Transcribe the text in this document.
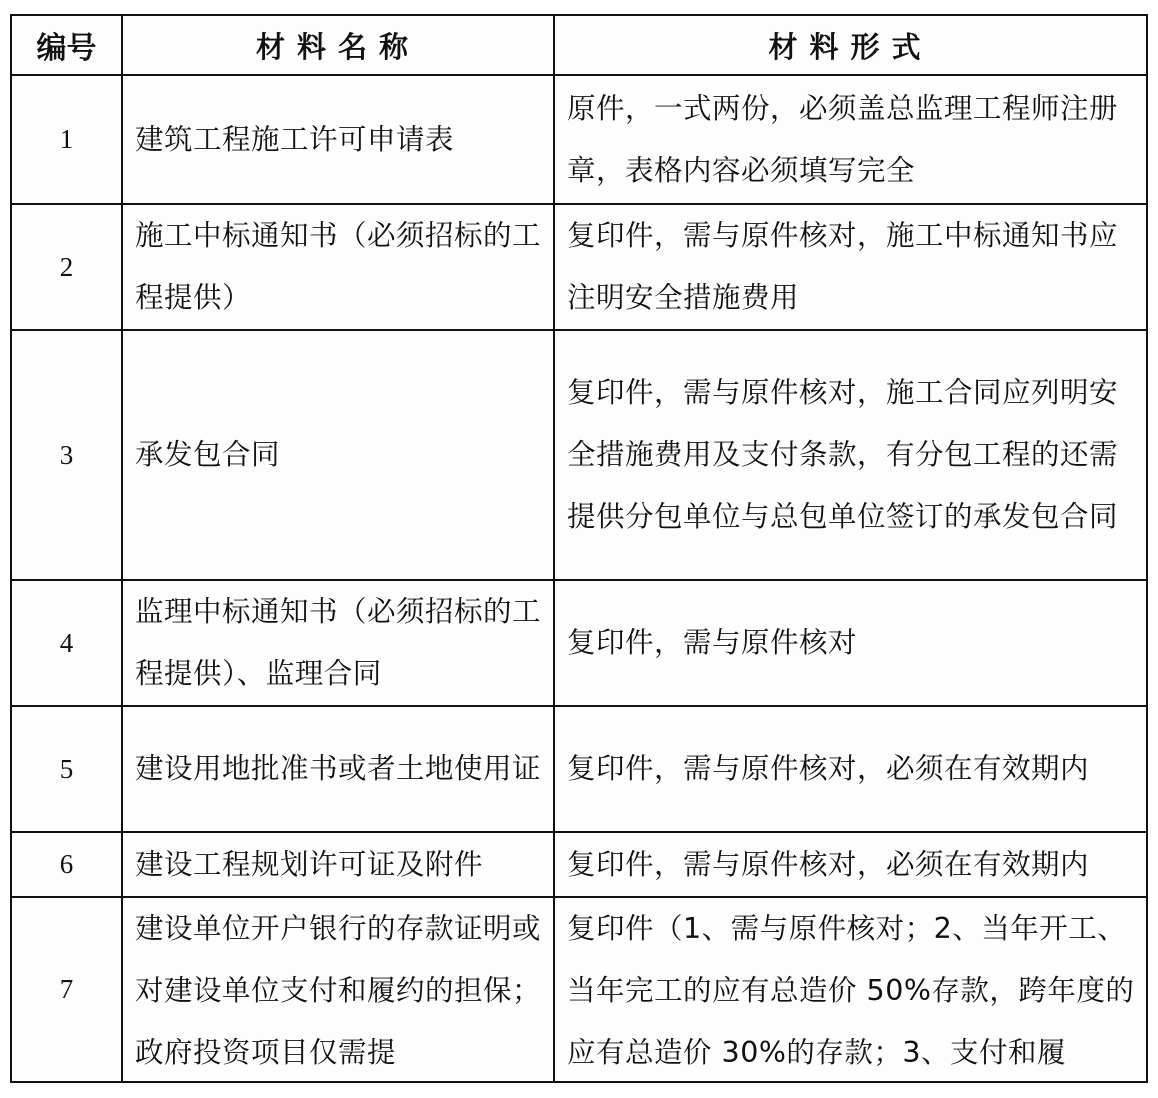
编号	材料名称	材料形式
1	建筑工程施工许可申请表	原件，一式两份，必须盖总监理工程师注册章，表格内容必须填写完全
2	施工中标通知书（必须招标的工程提供）	复印件，需与原件核对，施工中标通知书应注明安全措施费用
3	承发包合同	复印件，需与原件核对，施工合同应列明安全措施费用及支付条款，有分包工程的还需提供分包单位与总包单位签订的承发包合同
4	监理中标通知书（必须招标的工程提供）、监理合同	复印件，需与原件核对
5	建设用地批准书或者土地使用证	复印件，需与原件核对，必须在有效期内
6	建设工程规划许可证及附件	复印件，需与原件核对，必须在有效期内
7	建设单位开户银行的存款证明或对建设单位支付和履约的担保；政府投资项目仅需提	复印件（1、需与原件核对；2、当年开工、当年完工的应有总造价 50%存款，跨年度的应有总造价 30%的存款；3、支付和履
